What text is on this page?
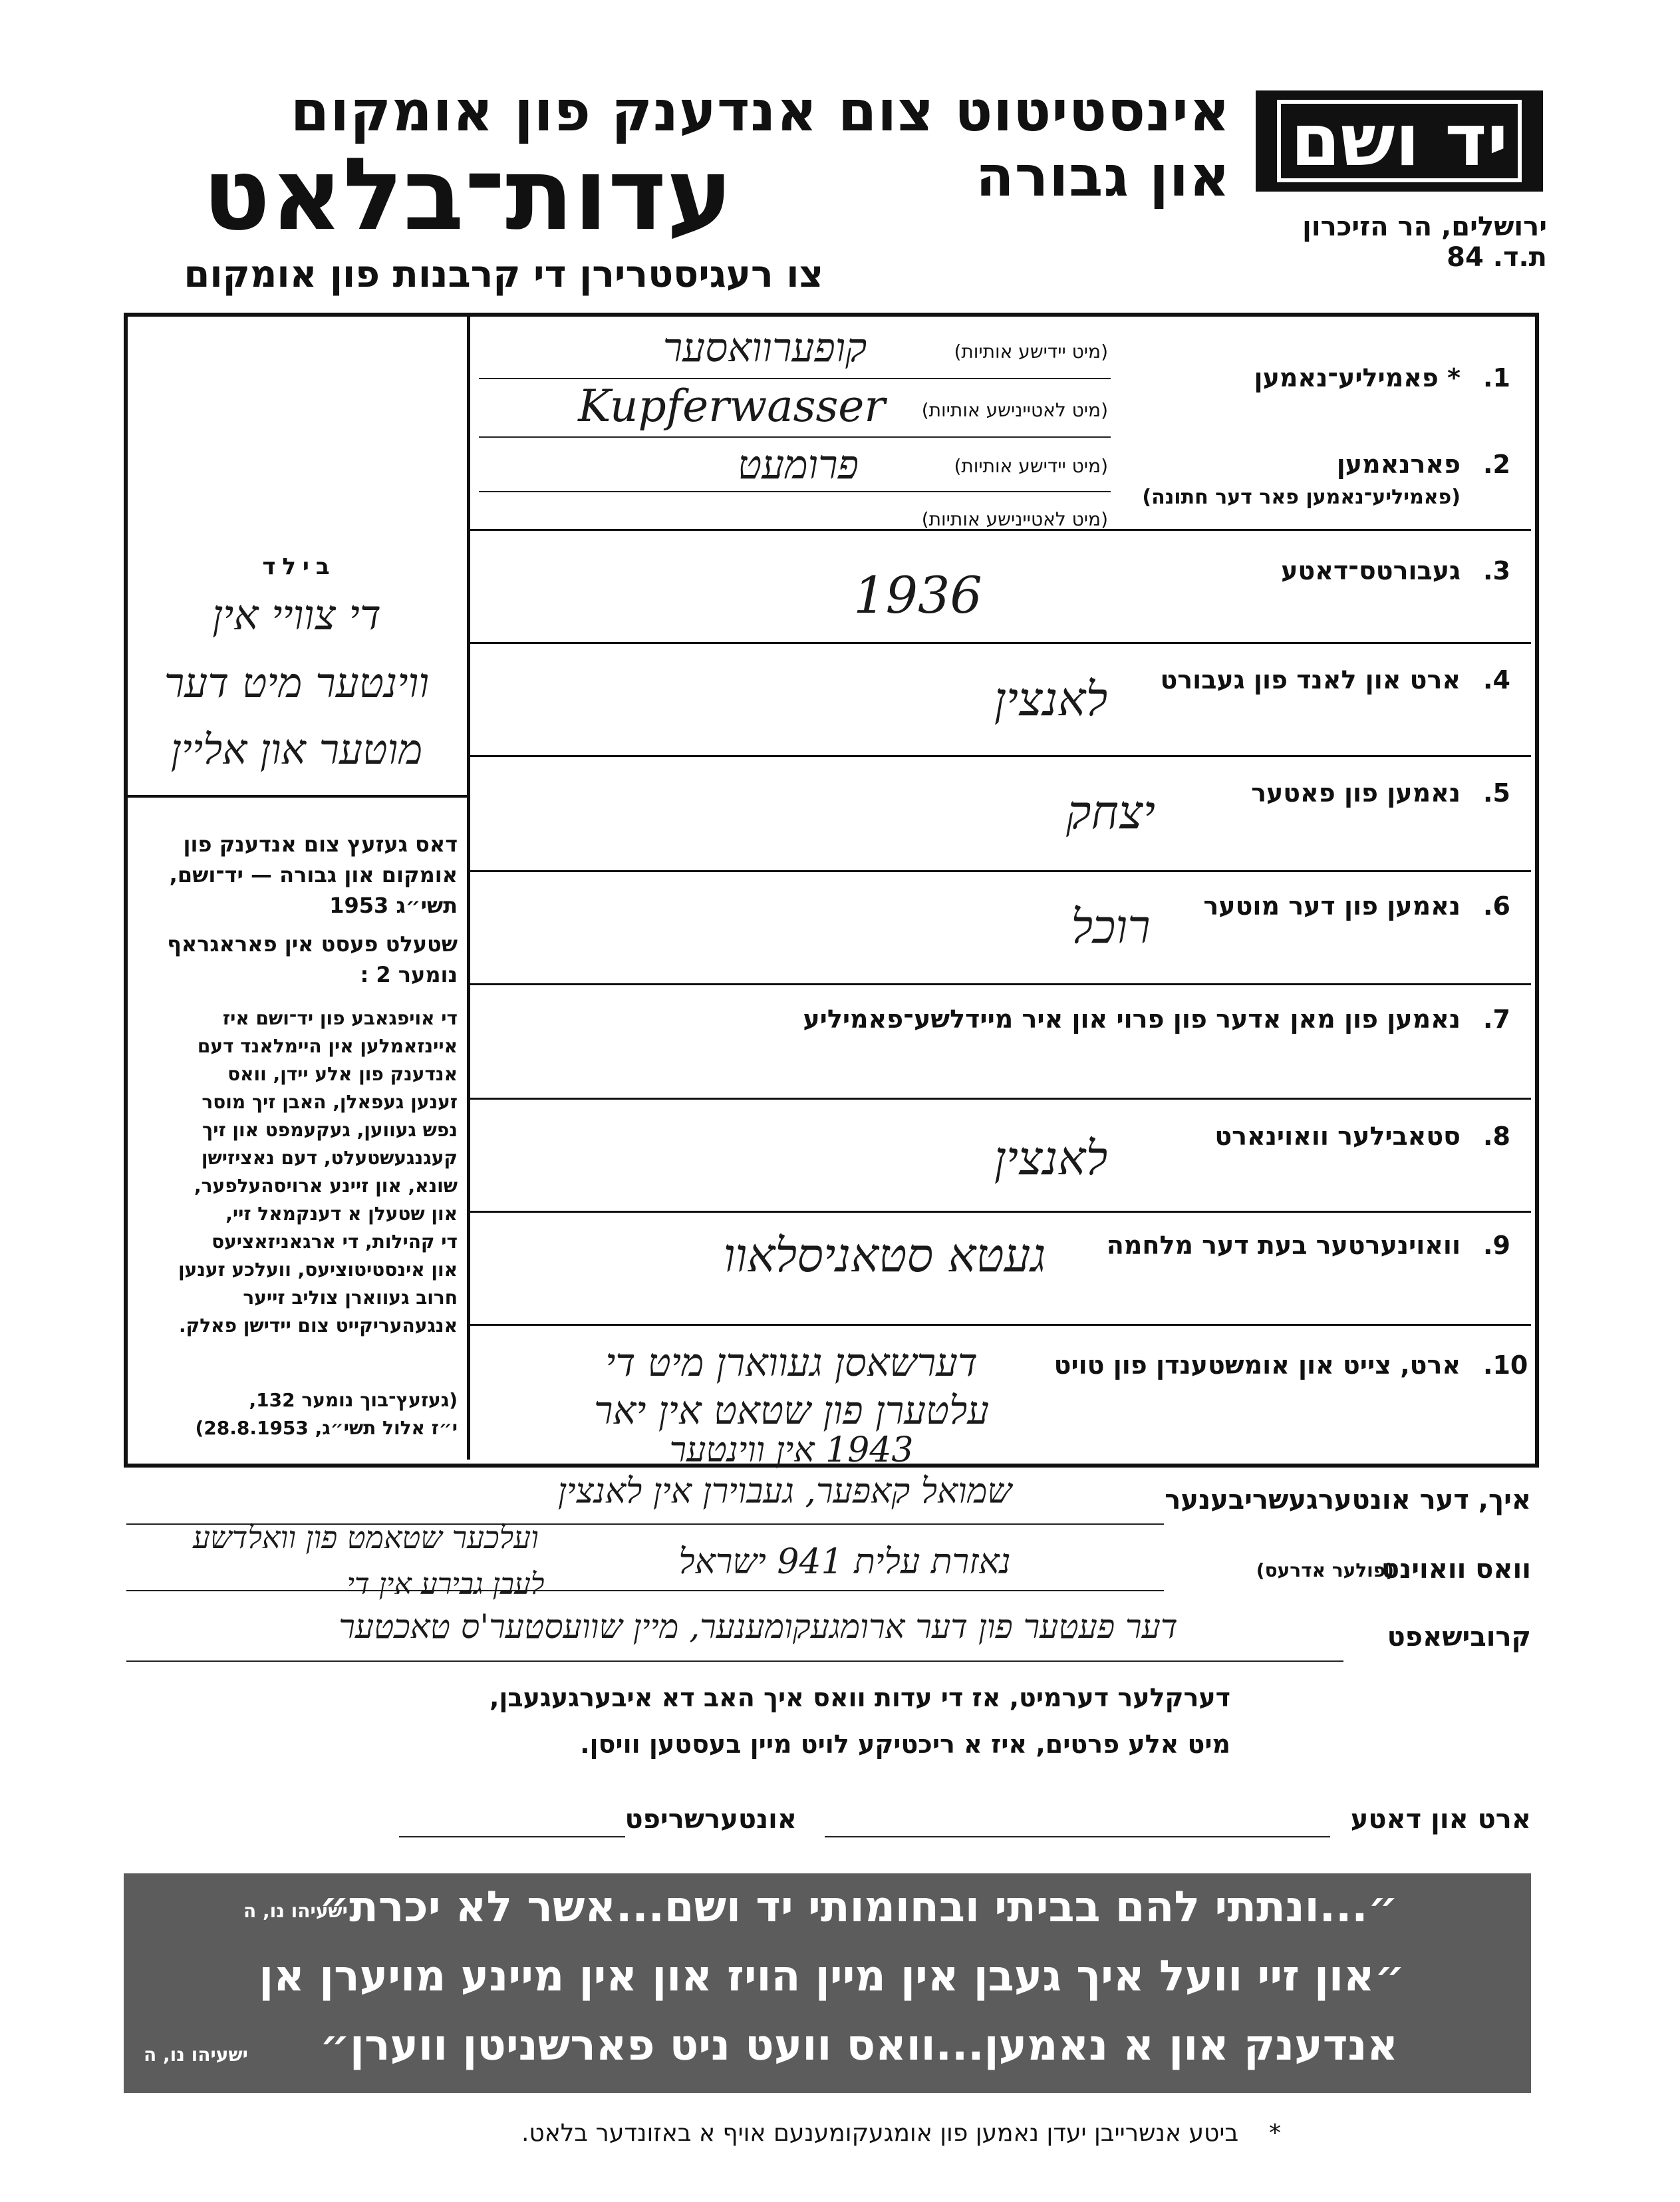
יד ושם
אינסטיטוט צום אנדענק פון אומקום און גבורה
עדות־בלאט
צו רעגיסטרירן די קרבנות פון אומקום
ירושלים, הר הזיכרון
ת.ד. 84
1.
* פאמיליע־נאמען
(מיט יידישע אותיות)
קופערוואסער
(מיט לאטיינישע אותיות)
Kupferwasser
2.
פארנאמען
(פאמיליע־נאמען פאר דער חתונה)
(מיט יידישע אותיות)
פרומעט
(מיט לאטיינישע אותיות)
3.
געבורטס־דאטע
1936
4.
ארט און לאנד פון געבורט
לאנצין
5.
נאמען פון פאטער
יצחק
6.
נאמען פון דער מוטער
רוכל
7.
נאמען פון מאן אדער פון פרוי און איר מיידלשע־פאמיליע
8.
סטאבילער וואוינארט
לאנצין
9.
וואוינערטער בעת דער מלחמה
געטא סטאניסלאוו
10.
ארט, צייט און אומשטענדן פון טויט
דערשאסן געווארן מיט די
עלטערן פון שטאט אין יאר
1943 אין ווינטער
בילד
די צוויי אין
ווינטער מיט דער
מוטער און אליין
דאס געזעץ צום אנדענק פון
אומקום און גבורה — יד־ושם,
תשי״ג 1953
שטעלט פעסט אין פאראגראף
נומער 2 :
די אויפגאבע פון יד־ושם איז
איינזאמלען אין היימלאנד דעם
אנדענק פון אלע יידן, וואס
זענען געפאלן, האבן זיך מוסר
נפש געווען, געקעמפט און זיך
קעגנגעשטעלט, דעם נאציזישן
שונא, און זיינע ארויסהעלפער,
און שטעלן א דענקמאל זיי,
די קהילות, די ארגאניזאציעס
און אינסטיטוציעס, וועלכע זענען
חרוב געווארן צוליב זייער
אנגעהעריקייט צום יידישן פאלק.
(געזעץ־בוך נומער 132,
י״ז אלול תשי״ג, 28.8.1953)
איך, דער אונטערגעשריבענער
שמואל קאפער, געבוירן אין לאנצין
ועלכער שטאמט פון וואלדשע
וואס וואוינט
(פולער אדרעס)
נאזרת עלית 941 ישראל
לעבן גבירע אין די
קרובישאפט
דער פעטער פון דער ארומגעקומענער, מיין שוועסטער'ס טאכטער
דערקלער דערמיט, אז די עדות וואס איך האב דא איבערגעגעבן,
מיט אלע פרטים, איז א ריכטיקע לויט מיין בעסטען וויסן.
ארט און דאטע
אונטערשריפט
״...ונתתי להם בביתי ובחומותי יד ושם...אשר לא יכרת״
ישעיהו נו, ה
״און זיי וועל איך געבן אין מיין הויז און אין מיינע מויערן אן
אנדענק און א נאמען...וואס וועט ניט פארשניטן ווערן״
ישעיהו נו, ה
*    ביטע אנשרייבן יעדן נאמען פון אומגעקומענעם אויף א באזונדער בלאט.
